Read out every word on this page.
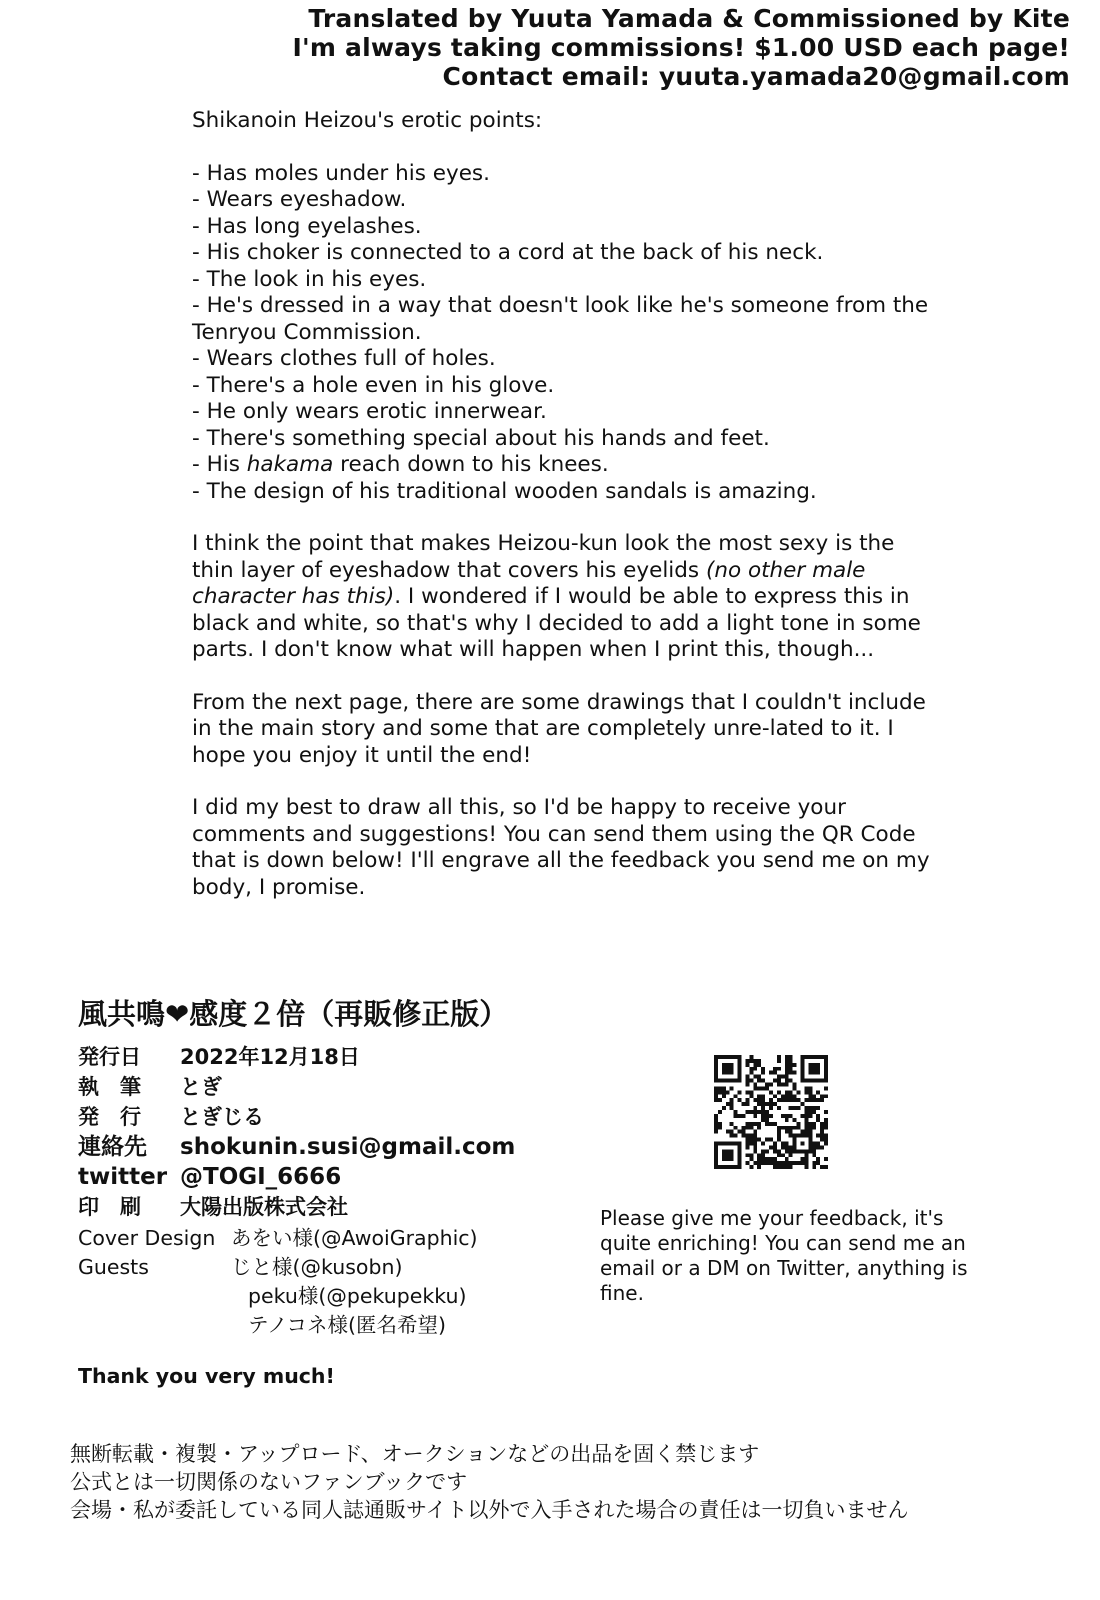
Translated by Yuuta Yamada & Commissioned by Kite
I'm always taking commissions! $1.00 USD each page!
Contact email: yuuta.yamada20@gmail.com
Shikanoin Heizou's erotic points:
- Has moles under his eyes.
- Wears eyeshadow.
- Has long eyelashes.
- His choker is connected to a cord at the back of his neck.
- The look in his eyes.
- He's dressed in a way that doesn't look like he's someone from the Tenryou Commission.
- Wears clothes full of holes.
- There's a hole even in his glove.
- He only wears erotic innerwear.
- There's something special about his hands and feet.
- His hakama reach down to his knees.
- The design of his traditional wooden sandals is amazing.

I think the point that makes Heizou-kun look the most sexy is the thin layer of eyeshadow that covers his eyelids (no other male character has this). I wondered if I would be able to express this in black and white, so that's why I decided to add a light tone in some parts. I don't know what will happen when I print this, though...

From the next page, there are some drawings that I couldn't include in the main story and some that are completely unre-lated to it. I hope you enjoy it until the end!

I did my best to draw all this, so I'd be happy to receive your comments and suggestions! You can send them using the QR Code that is down below! I'll engrave all the feedback you send me on my body, I promise.

風共鳴❤感度２倍（再販修正版）
発行日	2022年12月18日
執　筆	とぎ
発　行	とぎじる
連絡先	shokunin.susi@gmail.com
twitter @TOGI_6666
印　刷	大陽出版株式会社
Cover Design あをい様(@AwoiGraphic)
Guests	じと様(@kusobn)
peku様(@pekupekku)
テノコネ様(匿名希望)
Thank you very much!
Please give me your feedback, it's quite enriching! You can send me an email or a DM on Twitter, anything is fine.
無断転載・複製・アップロード、オークションなどの出品を固く禁じます
公式とは一切関係のないファンブックです
会場・私が委託している同人誌通販サイト以外で入手された場合の責任は一切負いません
